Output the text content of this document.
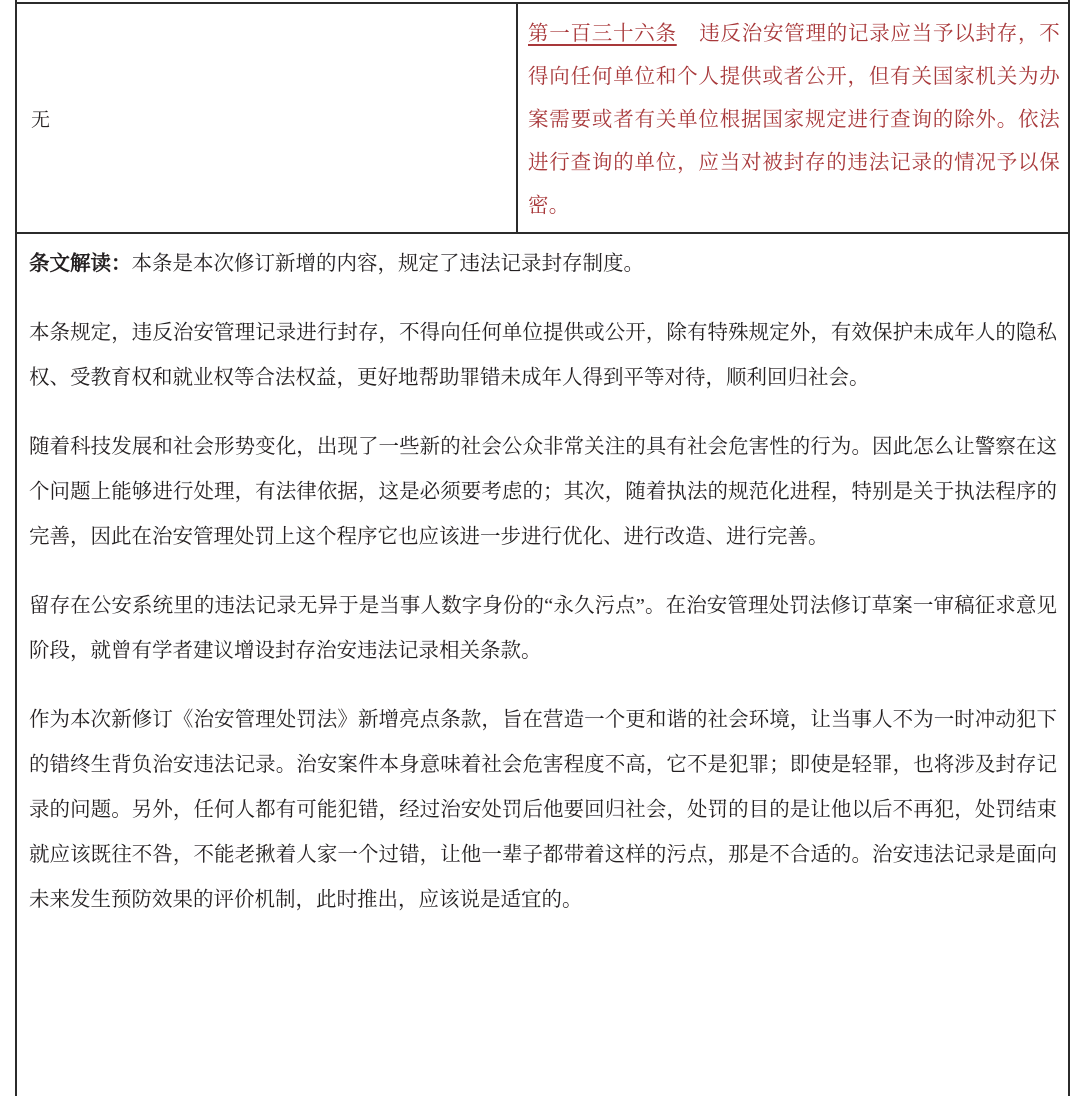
无
第一百三十六条 违反治安管理的记录应当予以封存，不得向任何单位和个人提供或者公开，但有关国家机关为办案需要或者有关单位根据国家规定进行查询的除外。依法进行查询的单位，应当对被封存的违法记录的情况予以保密。

条文解读：本条是本次修订新增的内容，规定了违法记录封存制度。

本条规定，违反治安管理记录进行封存，不得向任何单位提供或公开，除有特殊规定外，有效保护未成年人的隐私权、受教育权和就业权等合法权益，更好地帮助罪错未成年人得到平等对待，顺利回归社会。

随着科技发展和社会形势变化，出现了一些新的社会公众非常关注的具有社会危害性的行为。因此怎么让警察在这个问题上能够进行处理，有法律依据，这是必须要考虑的；其次，随着执法的规范化进程，特别是关于执法程序的完善，因此在治安管理处罚上这个程序它也应该进一步进行优化、进行改造、进行完善。

留存在公安系统里的违法记录无异于是当事人数字身份的“永久污点”。在治安管理处罚法修订草案一审稿征求意见阶段，就曾有学者建议增设封存治安违法记录相关条款。

作为本次新修订《治安管理处罚法》新增亮点条款，旨在营造一个更和谐的社会环境，让当事人不为一时冲动犯下的错终生背负治安违法记录。治安案件本身意味着社会危害程度不高，它不是犯罪；即使是轻罪，也将涉及封存记录的问题。另外，任何人都有可能犯错，经过治安处罚后他要回归社会，处罚的目的是让他以后不再犯，处罚结束就应该既往不咎，不能老揪着人家一个过错，让他一辈子都带着这样的污点，那是不合适的。治安违法记录是面向未来发生预防效果的评价机制，此时推出，应该说是适宜的。
